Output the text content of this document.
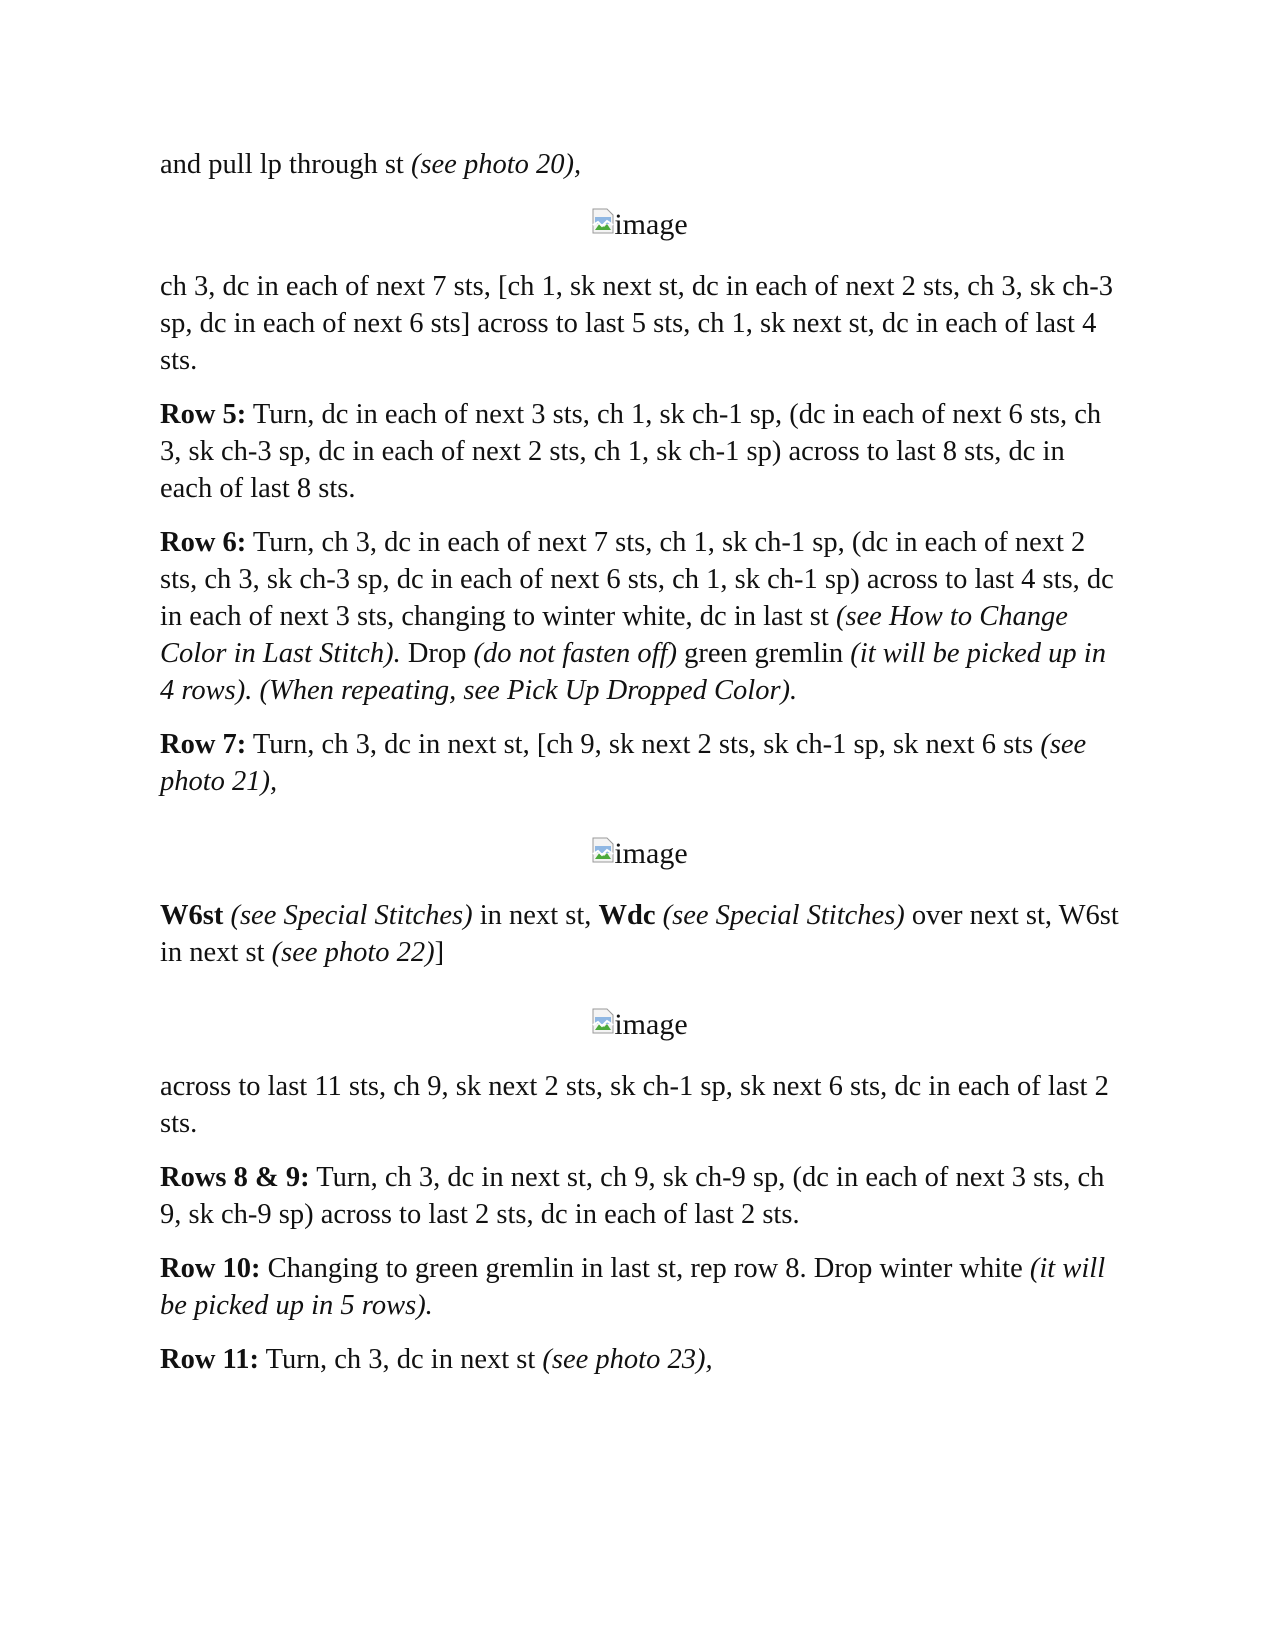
and pull lp through st (see photo 20),

image

ch 3, dc in each of next 7 sts, [ch 1, sk next st, dc in each of next 2 sts, ch 3, sk ch-3 sp, dc in each of next 6 sts] across to last 5 sts, ch 1, sk next st, dc in each of last 4 sts.

Row 5: Turn, dc in each of next 3 sts, ch 1, sk ch-1 sp, (dc in each of next 6 sts, ch 3, sk ch-3 sp, dc in each of next 2 sts, ch 1, sk ch-1 sp) across to last 8 sts, dc in each of last 8 sts.

Row 6: Turn, ch 3, dc in each of next 7 sts, ch 1, sk ch-1 sp, (dc in each of next 2 sts, ch 3, sk ch-3 sp, dc in each of next 6 sts, ch 1, sk ch-1 sp) across to last 4 sts, dc in each of next 3 sts, changing to winter white, dc in last st (see How to Change Color in Last Stitch). Drop (do not fasten off) green gremlin (it will be picked up in 4 rows). (When repeating, see Pick Up Dropped Color).

Row 7: Turn, ch 3, dc in next st, [ch 9, sk next 2 sts, sk ch-1 sp, sk next 6 sts (see photo 21),

image

W6st (see Special Stitches) in next st, Wdc (see Special Stitches) over next st, W6st in next st (see photo 22)]

image

across to last 11 sts, ch 9, sk next 2 sts, sk ch-1 sp, sk next 6 sts, dc in each of last 2 sts.

Rows 8 & 9: Turn, ch 3, dc in next st, ch 9, sk ch-9 sp, (dc in each of next 3 sts, ch 9, sk ch-9 sp) across to last 2 sts, dc in each of last 2 sts.

Row 10: Changing to green gremlin in last st, rep row 8. Drop winter white (it will be picked up in 5 rows).

Row 11: Turn, ch 3, dc in next st (see photo 23),
